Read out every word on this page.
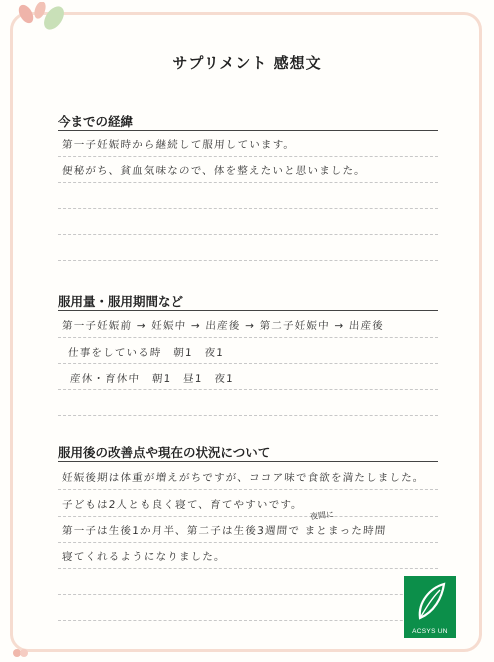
サプリメント 感想文
今までの経緯
第一子妊娠時から継続して服用しています。
便秘がち、貧血気味なので、体を整えたいと思いました。
服用量・服用期間など
第一子妊娠前 → 妊娠中 → 出産後 → 第二子妊娠中 → 出産後
仕事をしている時　朝1　夜1
産休・育休中　朝1　昼1　夜1
服用後の改善点や現在の状況について
妊娠後期は体重が増えがちですが、ココア味で食欲を満たしました。
子どもは2人とも良く寝て、育てやすいです。
夜間に
第一子は生後1か月半、第二子は生後3週間で まとまった時間
寝てくれるようになりました。
ACSYS UN
